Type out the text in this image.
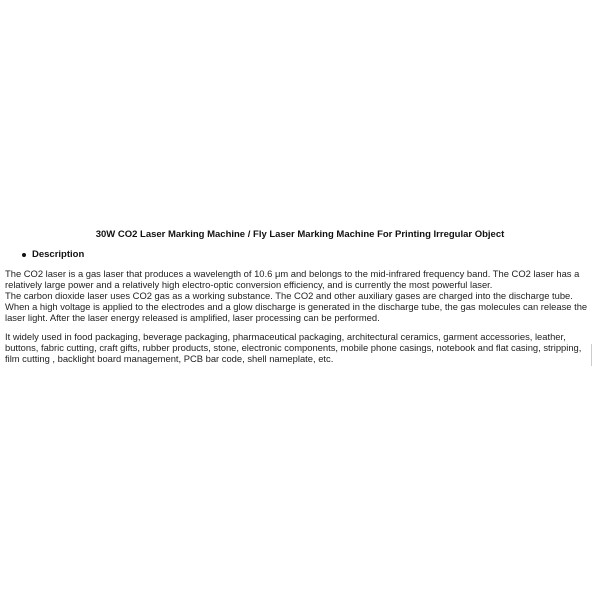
30W CO2 Laser Marking Machine / Fly Laser Marking Machine For Printing Irregular Object
Description
The CO2 laser is a gas laser that produces a wavelength of 10.6 μm and belongs to the mid-infrared frequency band. The CO2 laser has a relatively large power and a relatively high electro-optic conversion efficiency, and is currently the most powerful laser.
The carbon dioxide laser uses CO2 gas as a working substance. The CO2 and other auxiliary gases are charged into the discharge tube. When a high voltage is applied to the electrodes and a glow discharge is generated in the discharge tube, the gas molecules can release the laser light. After the laser energy released is amplified, laser processing can be performed.
It widely used in food packaging, beverage packaging, pharmaceutical packaging, architectural ceramics, garment accessories, leather, buttons, fabric cutting, craft gifts, rubber products, stone, electronic components, mobile phone casings, notebook and flat casing, stripping, film cutting , backlight board management, PCB bar code, shell nameplate, etc.
